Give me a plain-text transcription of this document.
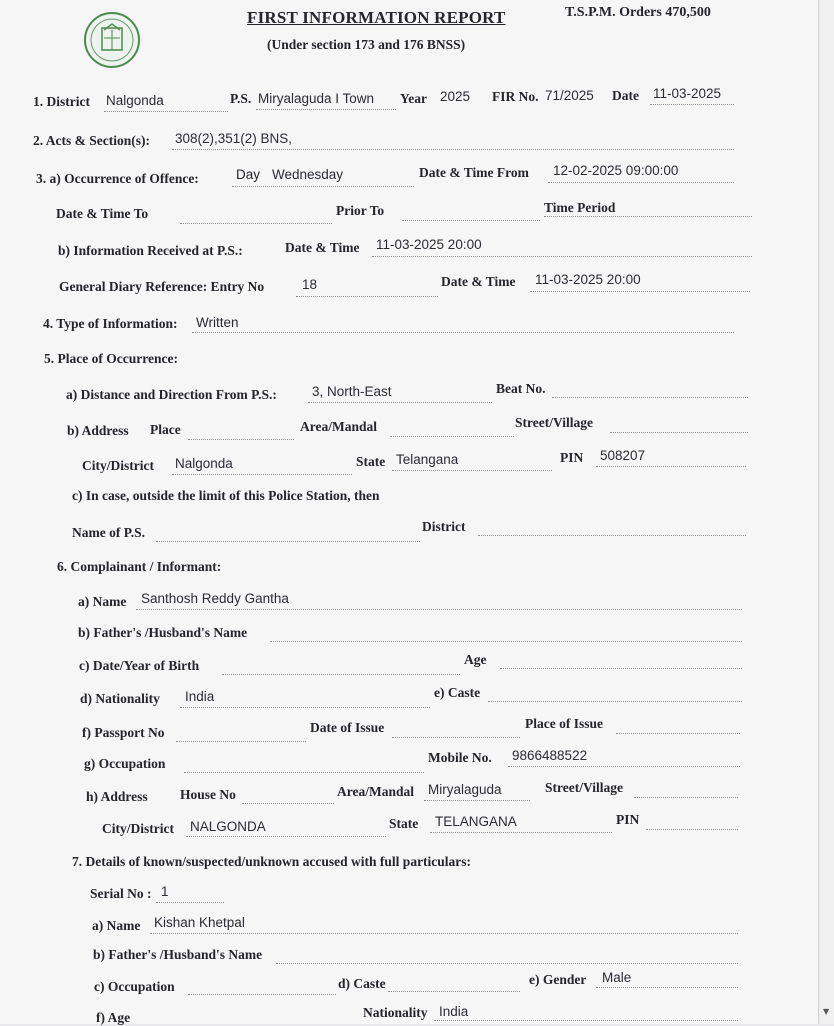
FIRST INFORMATION REPORT
(Under section 173 and 176 BNSS)
T.S.P.M. Orders 470,500
1. District Nalgonda	P.S. Miryalaguda I Town Year 2025 FIR No. 71/2025 Date 11-03-2025
2. Acts & Section(s): 308(2),351(2) BNS,
3. a) Occurrence of Offence:	Day Wednesday	Date & Time From 12-02-2025 09:00:00
Date & Time To	Prior To	Time Period
b) Information Received at P.S.:	Date & Time 11-03-2025 20:00
General Diary Reference: Entry No	18	Date & Time 11-03-2025 20:00
4. Type of Information: Written
5. Place of Occurrence:
a) Distance and Direction From P.S.:	3, North-East	Beat No.
b) Address Place	Area/Mandal	Street/Village
City/District Nalgonda	State Telangana	PIN 508207
c) In case, outside the limit of this Police Station, then
Name of P.S.	District
6. Complainant / Informant:
a) Name Santhosh Reddy Gantha
b) Father's /Husband's Name
c) Date/Year of Birth	Age
d) Nationality India	e) Caste
f) Passport No	Date of Issue	Place of Issue
g) Occupation	Mobile No. 9866488522
h) Address House No	Area/Mandal Miryalaguda	Street/Village
City/District NALGONDA	State TELANGANA	PIN
7. Details of known/suspected/unknown accused with full particulars:
Serial No : 1
a) Name Kishan Khetpal
b) Father's /Husband's Name
c) Occupation	d) Caste	e) Gender Male
f) Age	Nationality India	▼
